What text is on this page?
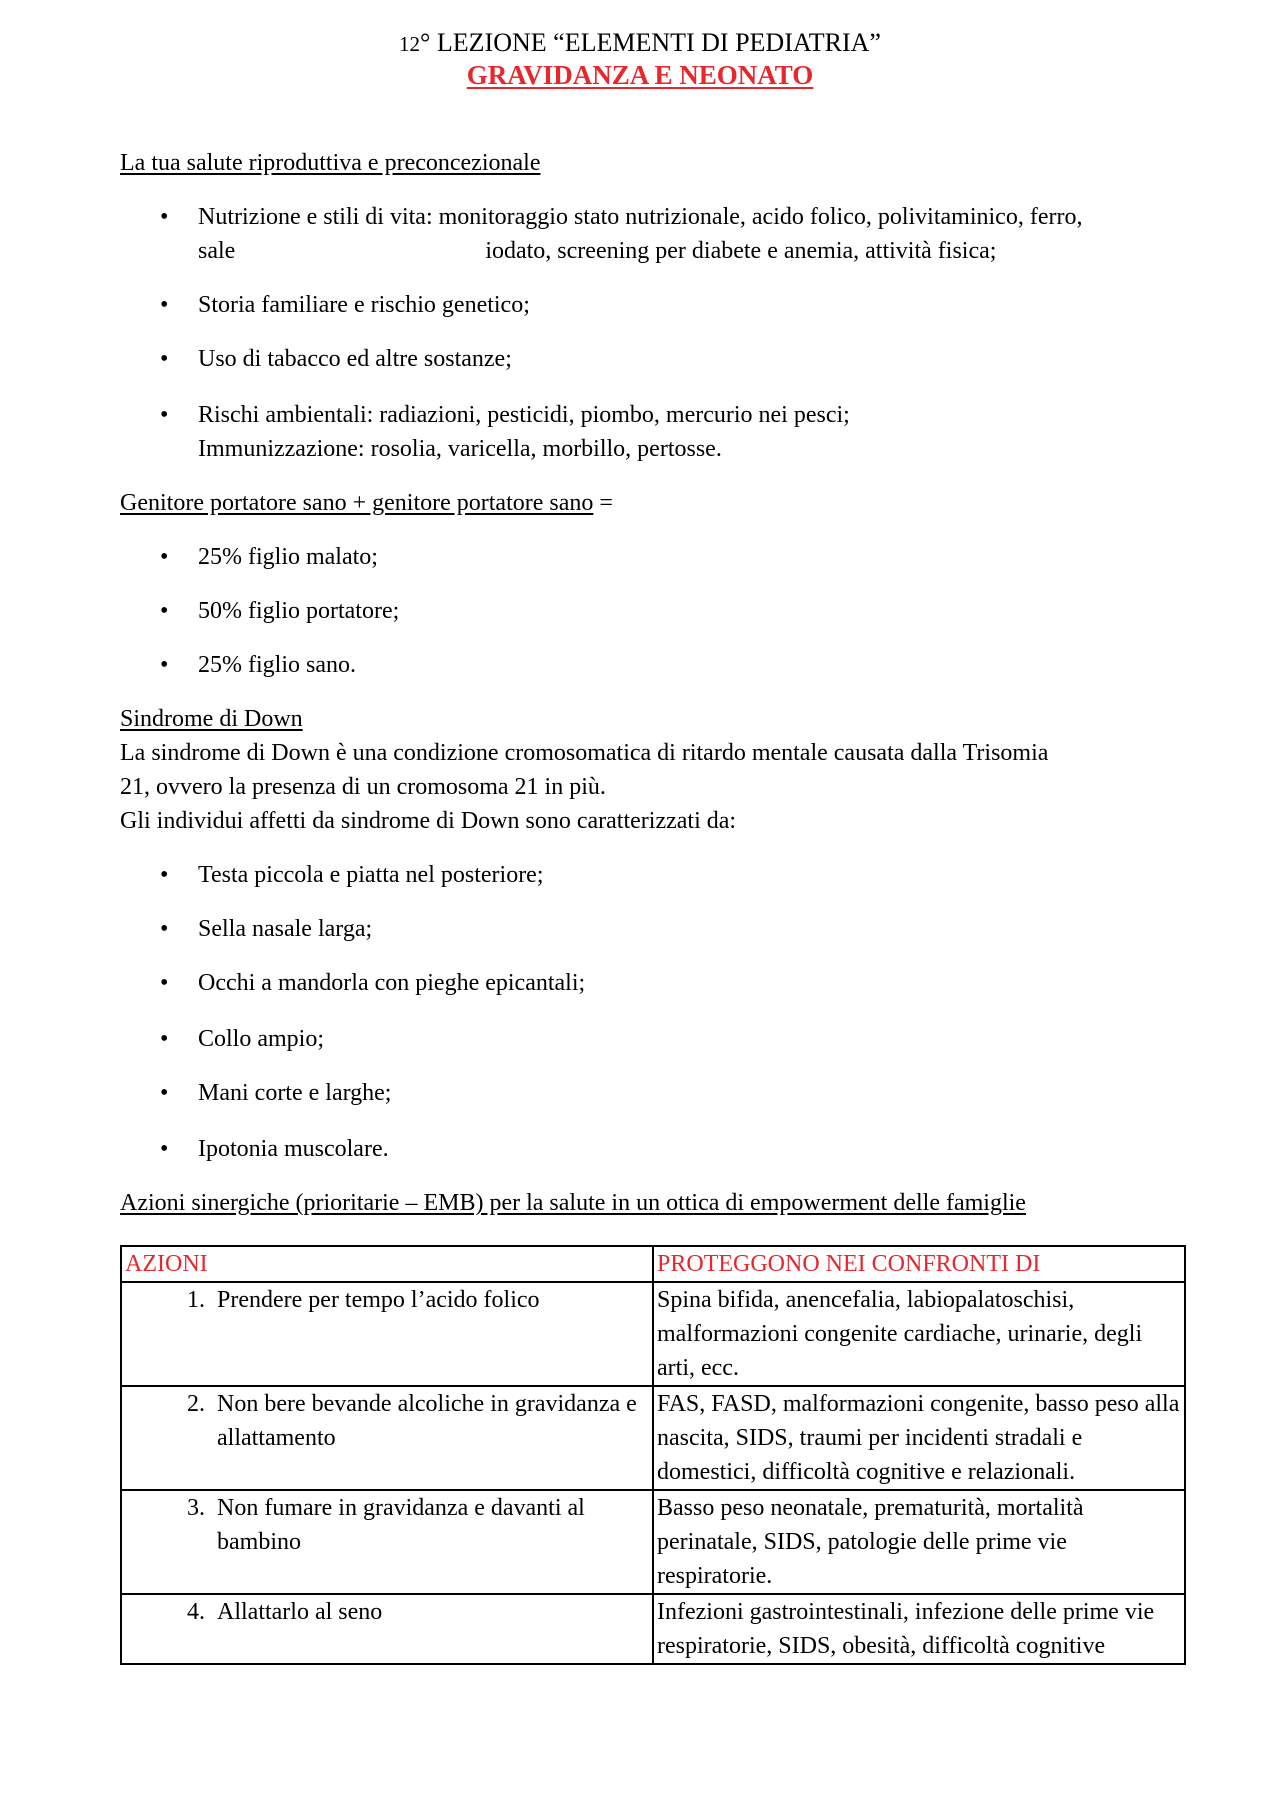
12° LEZIONE “ELEMENTI DI PEDIATRIA”
GRAVIDANZA E NEONATO

La tua salute riproduttiva e preconcezionale

• Nutrizione e stili di vita: monitoraggio stato nutrizionale, acido folico, polivitaminico, ferro,
sale	iodato, screening per diabete e anemia, attività fisica;
• Storia familiare e rischio genetico;
• Uso di tabacco ed altre sostanze;
• Rischi ambientali: radiazioni, pesticidi, piombo, mercurio nei pesci;
Immunizzazione: rosolia, varicella, morbillo, pertosse.

Genitore portatore sano + genitore portatore sano =

• 25% figlio malato;
• 50% figlio portatore;
• 25% figlio sano.

Sindrome di Down

La sindrome di Down è una condizione cromosomatica di ritardo mentale causata dalla Trisomia
21, ovvero la presenza di un cromosoma 21 in più.
Gli individui affetti da sindrome di Down sono caratterizzati da:

• Testa piccola e piatta nel posteriore;
• Sella nasale larga;
• Occhi a mandorla con pieghe epicantali;
• Collo ampio;
• Mani corte e larghe;
• Ipotonia muscolare.

Azioni sinergiche (prioritarie – EMB) per la salute in un ottica di empowerment delle famiglie

AZIONI	PROTEGGONO NEI CONFRONTI DI

1. Prendere per tempo l’acido folico	Spina bifida, anencefalia, labiopalatoschisi, malformazioni congenite cardiache, urinarie, degli arti, ecc.

2. Non bere bevande alcoliche in gravidanza e allattamento	FAS, FASD, malformazioni congenite, basso peso alla nascita, SIDS, traumi per incidenti stradali e domestici, difficoltà cognitive e relazionali.

3. Non fumare in gravidanza e davanti al bambino	Basso peso neonatale, prematurità, mortalità perinatale, SIDS, patologie delle prime vie respiratorie.

4. Allattarlo al seno	Infezioni gastrointestinali, infezione delle prime vie respiratorie, SIDS, obesità, difficoltà cognitive
